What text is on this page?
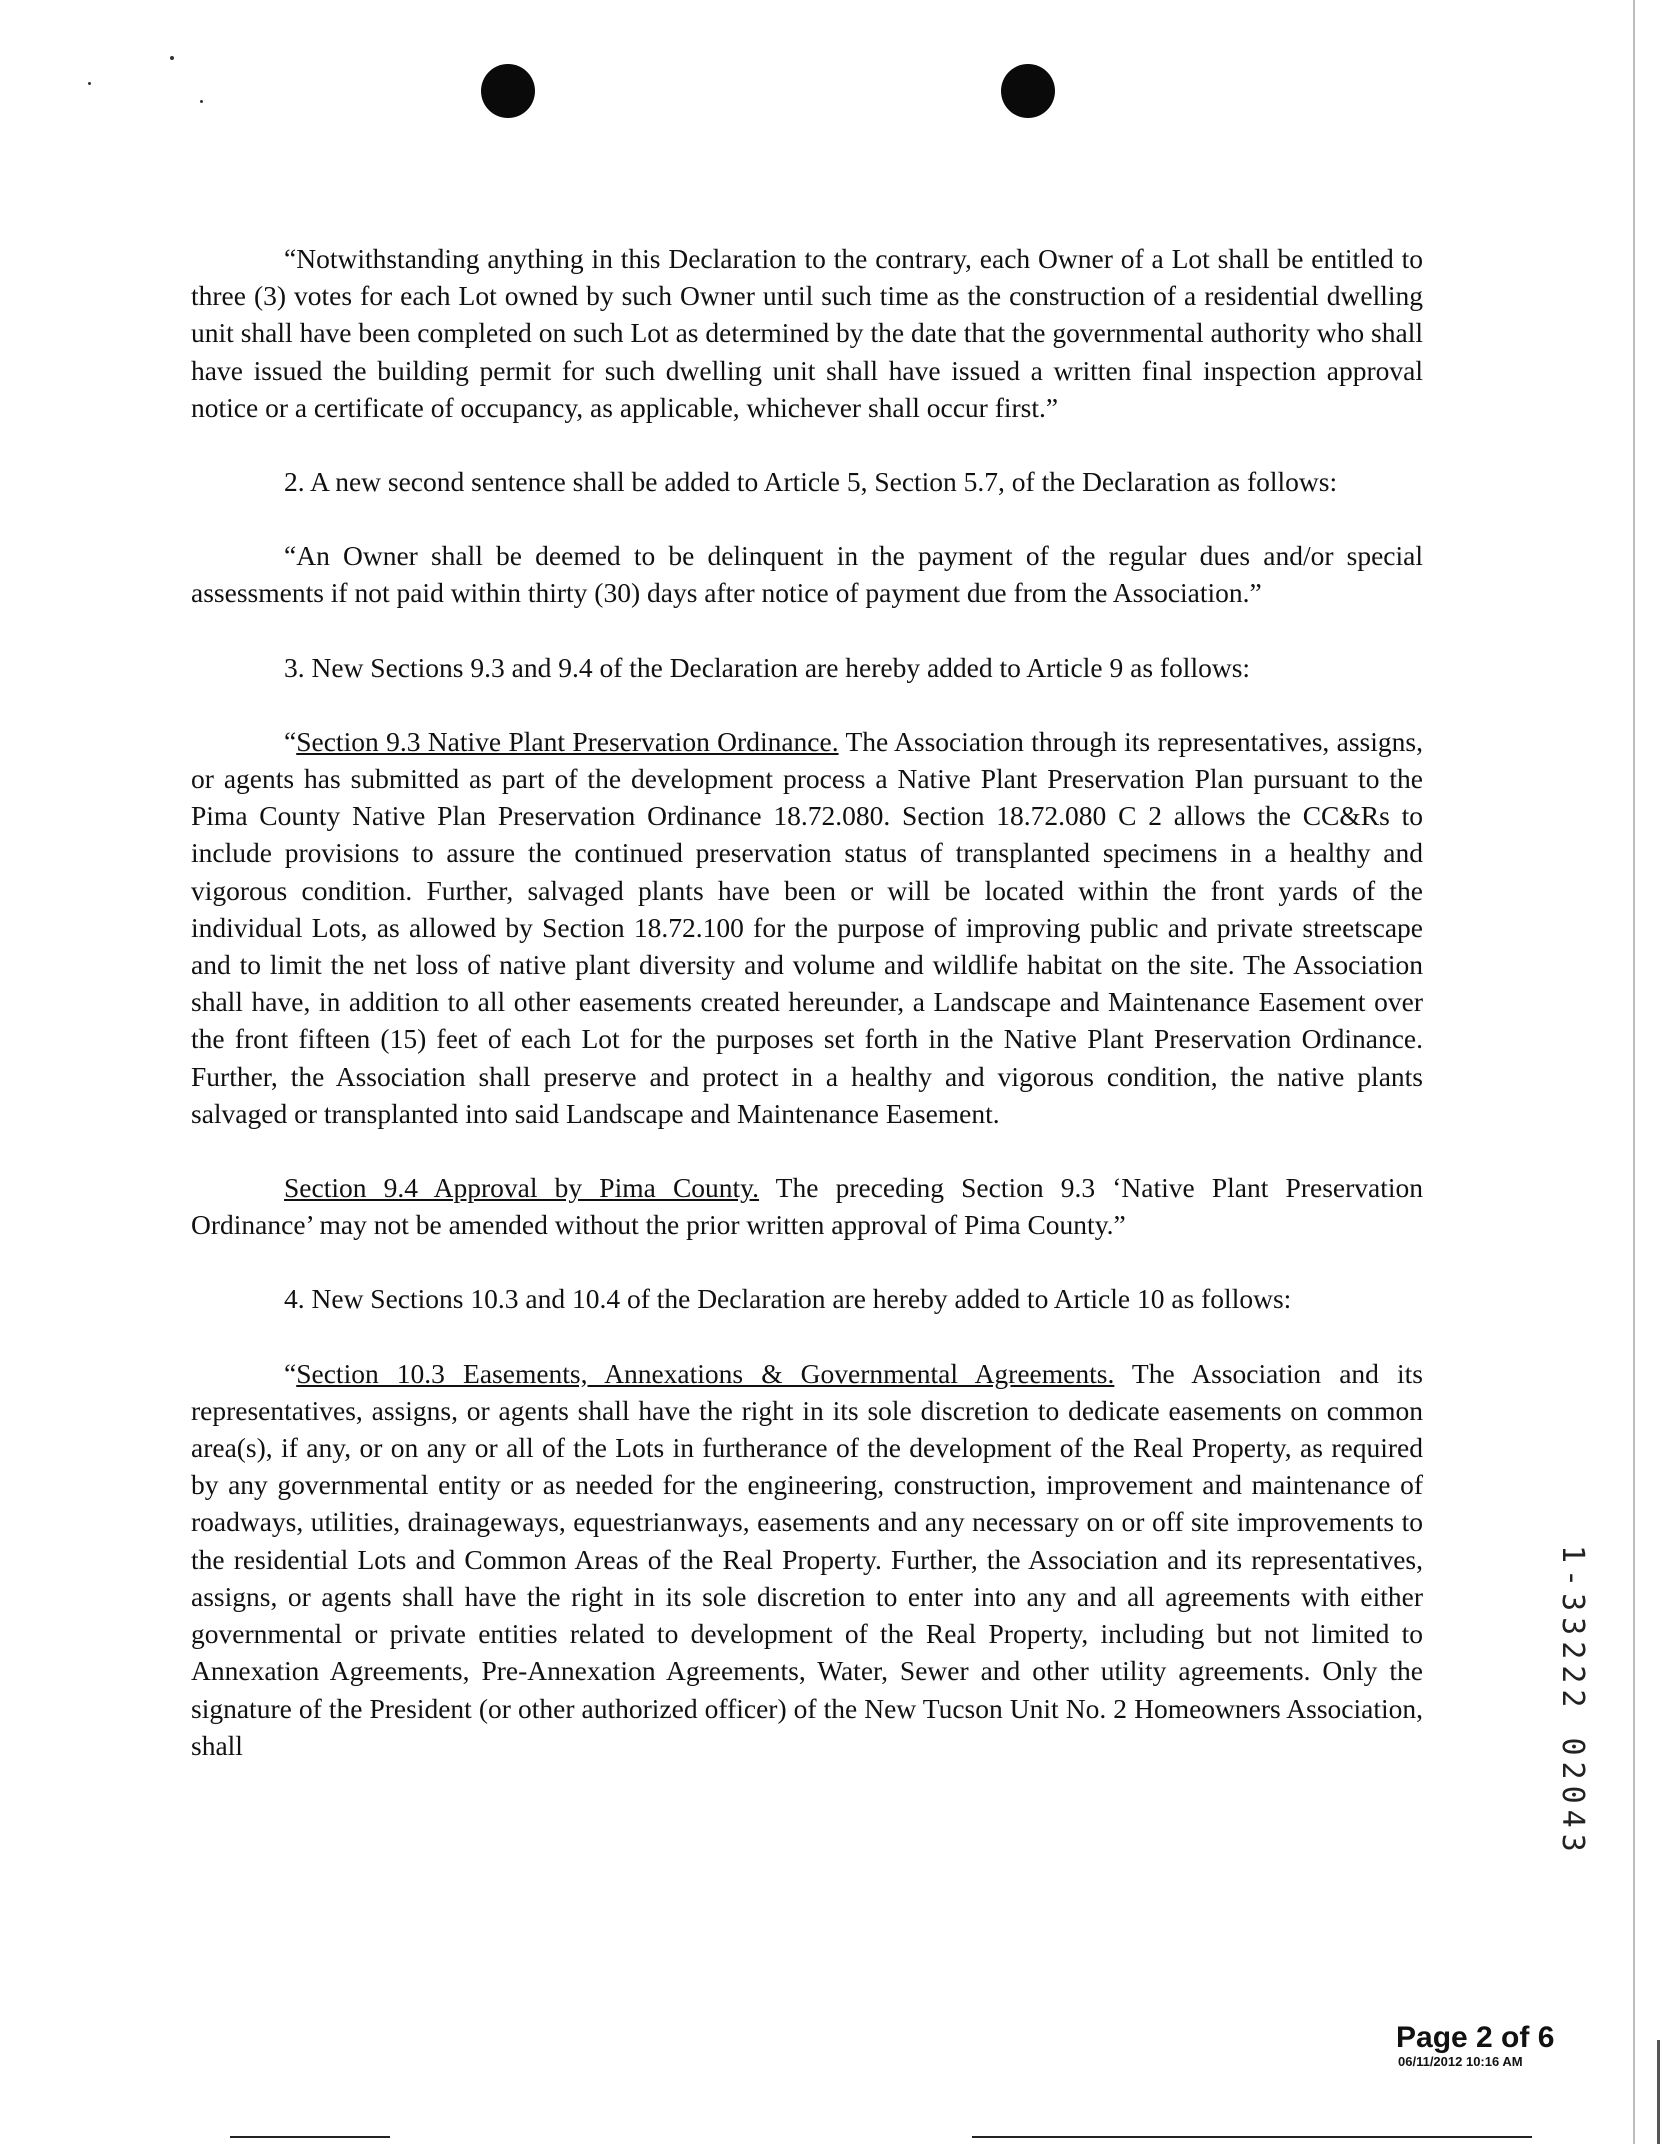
“Notwithstanding anything in this Declaration to the contrary, each Owner of a Lot shall be entitled to three (3) votes for each Lot owned by such Owner until such time as the construction of a residential dwelling unit shall have been completed on such Lot as determined by the date that the governmental authority who shall have issued the building permit for such dwelling unit shall have issued a written final inspection approval notice or a certificate of occupancy, as applicable, whichever shall occur first.”

2. A new second sentence shall be added to Article 5, Section 5.7, of the Declaration as follows:

“An Owner shall be deemed to be delinquent in the payment of the regular dues and/or special assessments if not paid within thirty (30) days after notice of payment due from the Association.”

3. New Sections 9.3 and 9.4 of the Declaration are hereby added to Article 9 as follows:

“Section 9.3 Native Plant Preservation Ordinance. The Association through its representatives, assigns, or agents has submitted as part of the development process a Native Plant Preservation Plan pursuant to the Pima County Native Plan Preservation Ordinance 18.72.080. Section 18.72.080 C 2 allows the CC&Rs to include provisions to assure the continued preservation status of transplanted specimens in a healthy and vigorous condition. Further, salvaged plants have been or will be located within the front yards of the individual Lots, as allowed by Section 18.72.100 for the purpose of improving public and private streetscape and to limit the net loss of native plant diversity and volume and wildlife habitat on the site. The Association shall have, in addition to all other easements created hereunder, a Landscape and Maintenance Easement over the front fifteen (15) feet of each Lot for the purposes set forth in the Native Plant Preservation Ordinance. Further, the Association shall preserve and protect in a healthy and vigorous condition, the native plants salvaged or transplanted into said Landscape and Maintenance Easement.

Section 9.4 Approval by Pima County. The preceding Section 9.3 ‘Native Plant Preservation Ordinance’ may not be amended without the prior written approval of Pima County.”

4. New Sections 10.3 and 10.4 of the Declaration are hereby added to Article 10 as follows:

“Section 10.3 Easements, Annexations & Governmental Agreements. The Association and its representatives, assigns, or agents shall have the right in its sole discretion to dedicate easements on common area(s), if any, or on any or all of the Lots in furtherance of the development of the Real Property, as required by any governmental entity or as needed for the engineering, construction, improvement and maintenance of roadways, utilities, drainageways, equestrianways, easements and any necessary on or off site improvements to the residential Lots and Common Areas of the Real Property. Further, the Association and its representatives, assigns, or agents shall have the right in its sole discretion to enter into any and all agreements with either governmental or private entities related to development of the Real Property, including but not limited to Annexation Agreements, Pre-Annexation Agreements, Water, Sewer and other utility agreements. Only the signature of the President (or other authorized officer) of the New Tucson Unit No. 2 Homeowners Association, shall	1-33222 02043
Page 2 of 6
06/11/2012 10:16 AM
